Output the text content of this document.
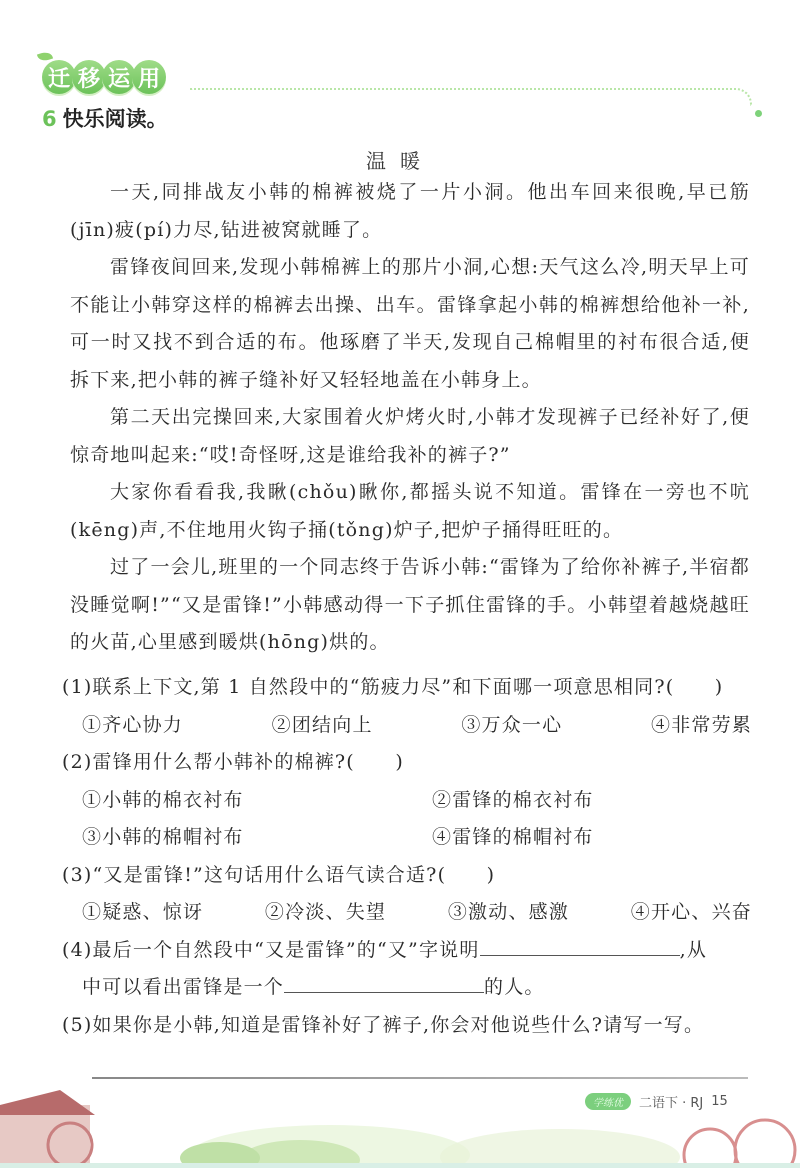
迁 移 运 用
6 快乐阅读。
温暖

一天,同排战友小韩的棉裤被烧了一片小洞。他出车回来很晚,早已筋(jīn)疲(pí)力尽,钻进被窝就睡了。

雷锋夜间回来,发现小韩棉裤上的那片小洞,心想:天气这么冷,明天早上可不能让小韩穿这样的棉裤去出操、出车。雷锋拿起小韩的棉裤想给他补一补,可一时又找不到合适的布。他琢磨了半天,发现自己棉帽里的衬布很合适,便拆下来,把小韩的裤子缝补好又轻轻地盖在小韩身上。

第二天出完操回来,大家围着火炉烤火时,小韩才发现裤子已经补好了,便惊奇地叫起来:“哎!奇怪呀,这是谁给我补的裤子?”

大家你看看我,我瞅(chǒu)瞅你,都摇头说不知道。雷锋在一旁也不吭(kēng)声,不住地用火钩子捅(tǒng)炉子,把炉子捅得旺旺的。

过了一会儿,班里的一个同志终于告诉小韩:“雷锋为了给你补裤子,半宿都没睡觉啊!”“又是雷锋!”小韩感动得一下子抓住雷锋的手。小韩望着越烧越旺的火苗,心里感到暖烘(hōng)烘的。

(1)联系上下文,第 1 自然段中的“筋疲力尽”和下面哪一项意思相同?(　　)

①齐心协力	②团结向上	③万众一心	④非常劳累

(2)雷锋用什么帮小韩补的棉裤?(　　)

①小韩的棉衣衬布	②雷锋的棉衣衬布
③小韩的棉帽衬布	④雷锋的棉帽衬布

(3)“又是雷锋!”这句话用什么语气读合适?(　　)

①疑惑、惊讶	②冷淡、失望	③激动、感激	④开心、兴奋

(4)最后一个自然段中“又是雷锋”的“又”字说明	,从

中可以看出雷锋是一个	的人。

(5)如果你是小韩,知道是雷锋补好了裤子,你会对他说些什么?请写一写。

学练优	二语下 · RJ 15
